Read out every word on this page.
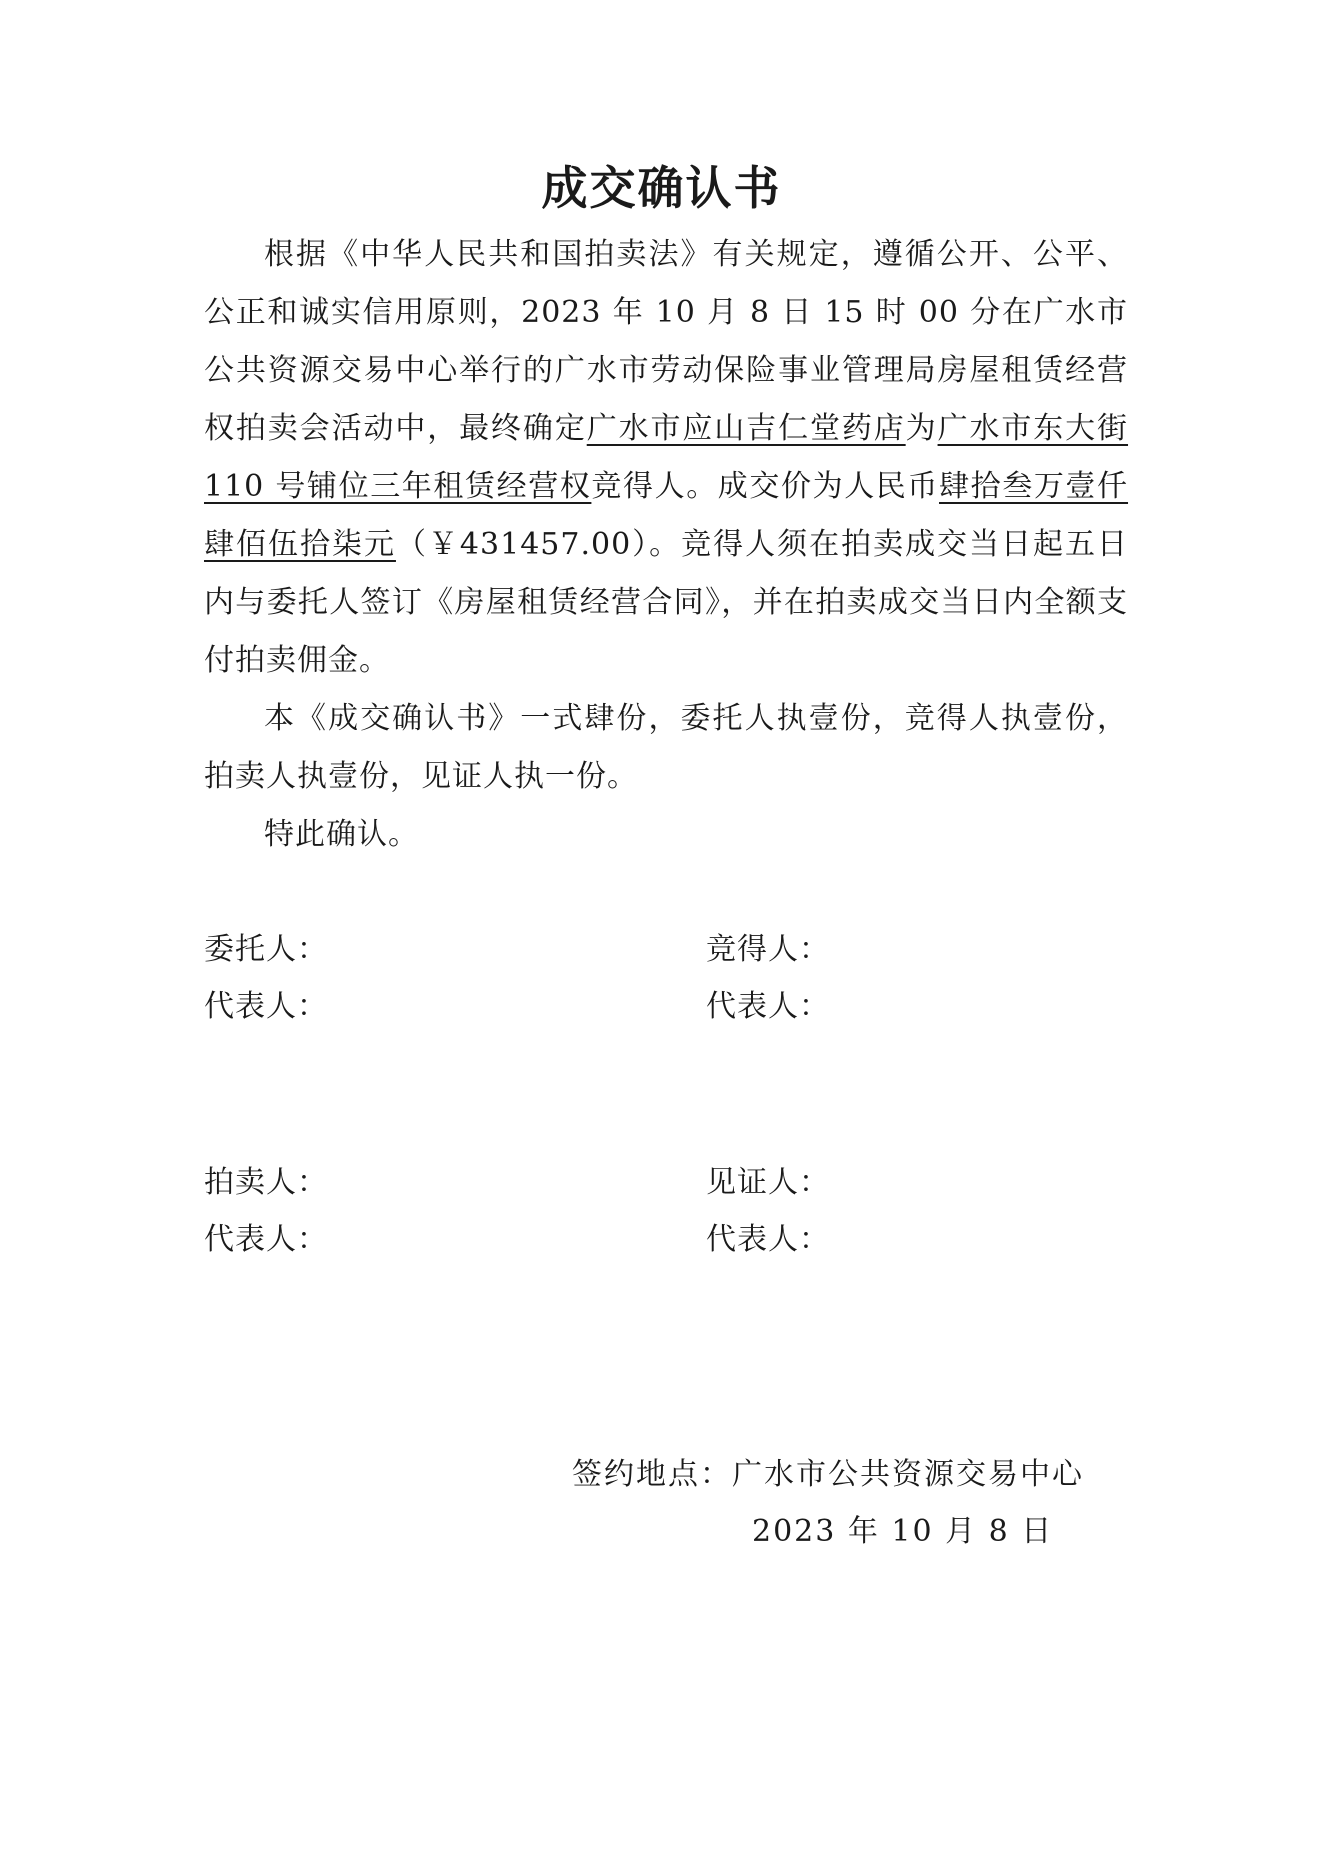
成交确认书

根据《中华人民共和国拍卖法》有关规定，遵循公开、公平、公正和诚实信用原则，2023 年 10 月 8 日 15 时 00 分在广水市公共资源交易中心举行的广水市劳动保险事业管理局房屋租赁经营权拍卖会活动中，最终确定广水市应山吉仁堂药店为广水市东大街 110 号铺位三年租赁经营权竞得人。成交价为人民币肆拾叁万壹仟肆佰伍拾柒元（￥431457.00）。竞得人须在拍卖成交当日起五日内与委托人签订《房屋租赁经营合同》，并在拍卖成交当日内全额支付拍卖佣金。

本《成交确认书》一式肆份，委托人执壹份，竞得人执壹份，拍卖人执壹份，见证人执一份。

特此确认。

委托人：	竞得人：
代表人：	代表人：
拍卖人：	见证人：
代表人：	代表人：
签约地点：广水市公共资源交易中心
2023 年 10 月 8 日
